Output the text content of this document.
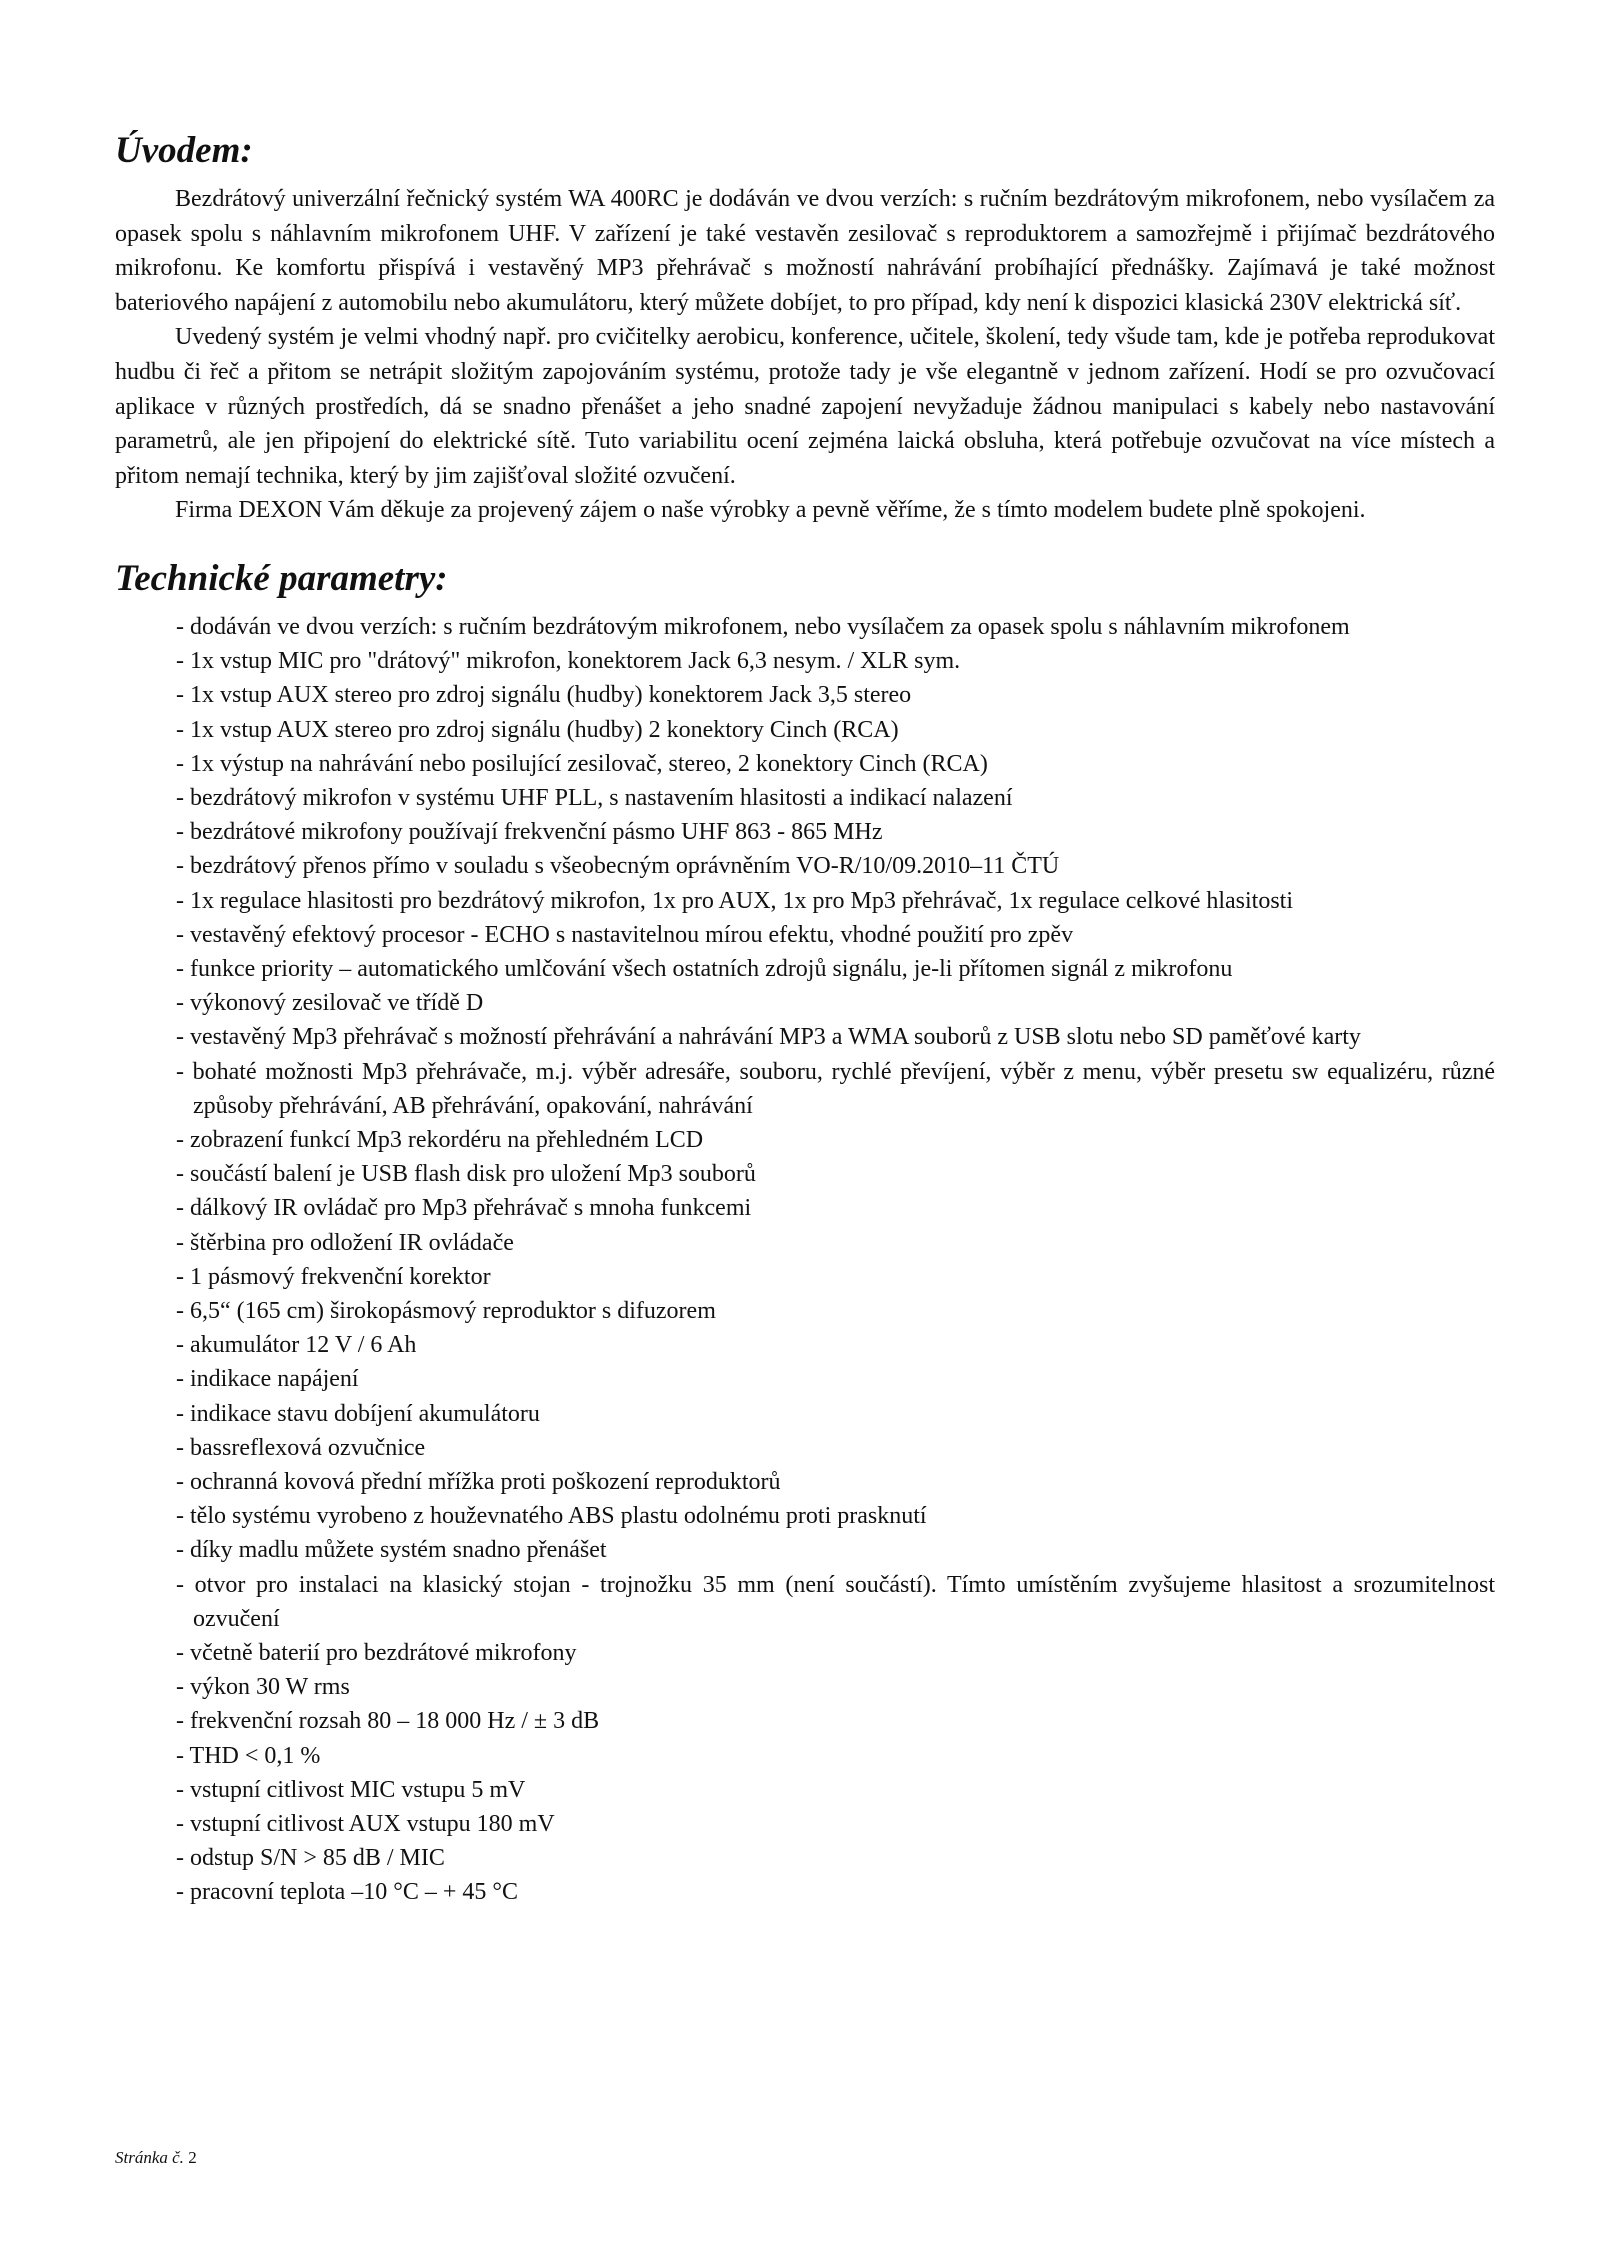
Úvodem:

Bezdrátový univerzální řečnický systém WA 400RC je dodáván ve dvou verzích: s ručním bezdrátovým mikrofonem, nebo vysílačem za opasek spolu s náhlavním mikrofonem UHF. V zařízení je také vestavěn zesilovač s reproduktorem a samozřejmě i přijímač bezdrátového mikrofonu. Ke komfortu přispívá i vestavěný MP3 přehrávač s možností nahrávání probíhající přednášky. Zajímavá je také možnost bateriového napájení z automobilu nebo akumulátoru, který můžete dobíjet, to pro případ, kdy není k dispozici klasická 230V elektrická síť.

Uvedený systém je velmi vhodný např. pro cvičitelky aerobicu, konference, učitele, školení, tedy všude tam, kde je potřeba reprodukovat hudbu či řeč a přitom se netrápit složitým zapojováním systému, protože tady je vše elegantně v jednom zařízení. Hodí se pro ozvučovací aplikace v různých prostředích, dá se snadno přenášet a jeho snadné zapojení nevyžaduje žádnou manipulaci s kabely nebo nastavování parametrů, ale jen připojení do elektrické sítě. Tuto variabilitu ocení zejména laická obsluha, která potřebuje ozvučovat na více místech a přitom nemají technika, který by jim zajišťoval složité ozvučení.

Firma DEXON Vám děkuje za projevený zájem o naše výrobky a pevně věříme, že s tímto modelem budete plně spokojeni.

Technické parametry:
- dodáván ve dvou verzích: s ručním bezdrátovým mikrofonem, nebo vysílačem za opasek spolu s náhlavním mikrofonem
- 1x vstup MIC pro "drátový" mikrofon, konektorem Jack 6,3 nesym. / XLR sym.
- 1x vstup AUX stereo pro zdroj signálu (hudby) konektorem Jack 3,5 stereo
- 1x vstup AUX stereo pro zdroj signálu (hudby) 2 konektory Cinch (RCA)
- 1x výstup na nahrávání nebo posilující zesilovač, stereo, 2 konektory Cinch (RCA)
- bezdrátový mikrofon v systému UHF PLL, s nastavením hlasitosti a indikací nalazení
- bezdrátové mikrofony používají frekvenční pásmo UHF 863 - 865 MHz
- bezdrátový přenos přímo v souladu s všeobecným oprávněním VO-R/10/09.2010–11 ČTÚ
- 1x regulace hlasitosti pro bezdrátový mikrofon, 1x pro AUX, 1x pro Mp3 přehrávač, 1x regulace celkové hlasitosti
- vestavěný efektový procesor - ECHO s nastavitelnou mírou efektu, vhodné použití pro zpěv
- funkce priority – automatického umlčování všech ostatních zdrojů signálu, je-li přítomen signál z mikrofonu
- výkonový zesilovač ve třídě D
- vestavěný Mp3 přehrávač s možností přehrávání a nahrávání MP3 a WMA souborů z USB slotu nebo SD paměťové karty
- bohaté možnosti Mp3 přehrávače, m.j. výběr adresáře, souboru, rychlé převíjení, výběr z menu, výběr presetu sw equalizéru, různé způsoby přehrávání, AB přehrávání, opakování, nahrávání
- zobrazení funkcí Mp3 rekordéru na přehledném LCD
- součástí balení je USB flash disk pro uložení Mp3 souborů
- dálkový IR ovládač pro Mp3 přehrávač s mnoha funkcemi
- štěrbina pro odložení IR ovládače
- 1 pásmový frekvenční korektor
- 6,5“ (165 cm) širokopásmový reproduktor s difuzorem
- akumulátor 12 V / 6 Ah
- indikace napájení
- indikace stavu dobíjení akumulátoru
- bassreflexová ozvučnice
- ochranná kovová přední mřížka proti poškození reproduktorů
- tělo systému vyrobeno z houževnatého ABS plastu odolnému proti prasknutí
- díky madlu můžete systém snadno přenášet
- otvor pro instalaci na klasický stojan - trojnožku 35 mm (není součástí). Tímto umístěním zvyšujeme hlasitost a srozumitelnost ozvučení
- včetně baterií pro bezdrátové mikrofony
- výkon 30 W rms
- frekvenční rozsah 80 – 18 000 Hz / ± 3 dB
- THD < 0,1 %
- vstupní citlivost MIC vstupu 5 mV
- vstupní citlivost AUX vstupu 180 mV
- odstup S/N > 85 dB / MIC
- pracovní teplota –10 °C – + 45 °C
Stránka č. 2
